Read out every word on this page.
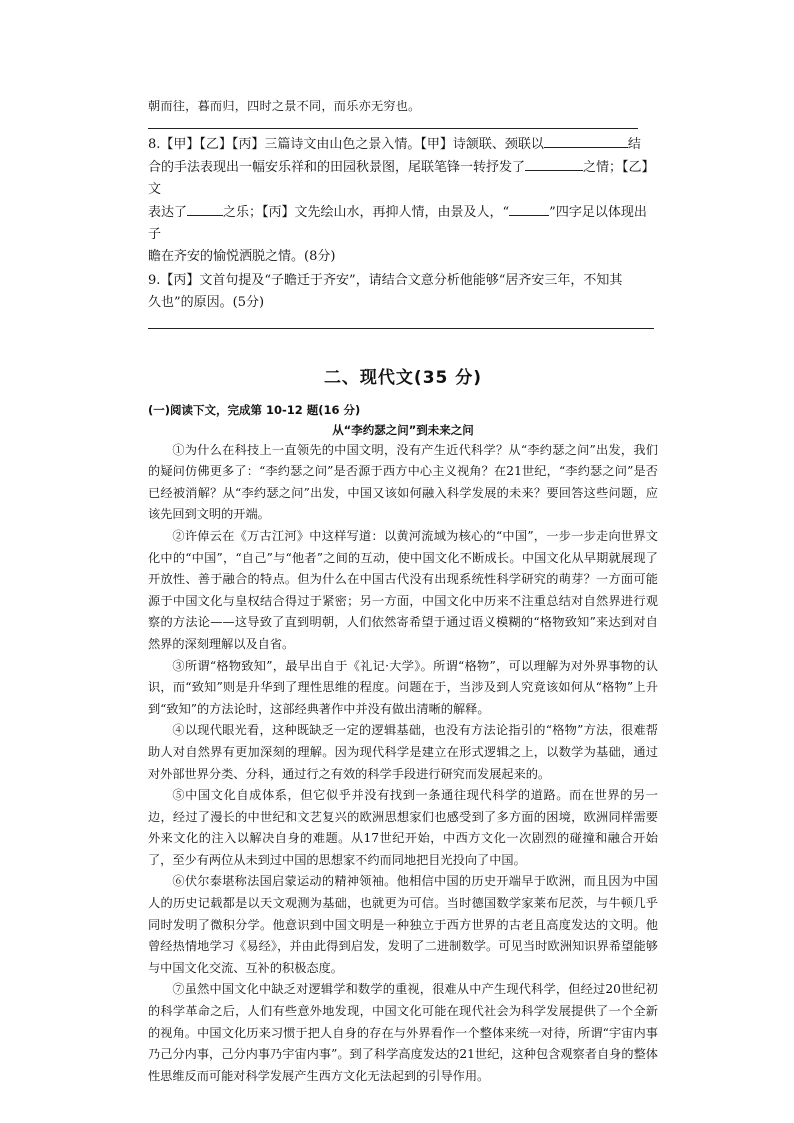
朝而往，暮而归，四时之景不同，而乐亦无穷也。

8.【甲】【乙】【丙】三篇诗文由山色之景入情。【甲】诗颔联、颈联以	结

合的手法表现出一幅安乐祥和的田园秋景图，尾联笔锋一转抒发了	之情；【乙】文

表达了	之乐；【丙】文先绘山水，再抑人情，由景及人，“	”四字足以体现出子

瞻在齐安的愉悦洒脱之情。(8分)

9.【丙】文首句提及“子瞻迁于齐安”，请结合文意分析他能够“居齐安三年，不知其

久也”的原因。(5分)

二、现代文(35 分)
(一)阅读下文，完成第 10-12 题(16 分)
从“李约瑟之问”到未来之问

①为什么在科技上一直领先的中国文明，没有产生近代科学？从“李约瑟之问”出发，我们的疑问仿佛更多了：“李约瑟之问”是否源于西方中心主义视角？在21世纪，“李约瑟之问”是否已经被消解？从“李约瑟之问”出发，中国又该如何融入科学发展的未来？要回答这些问题，应该先回到文明的开端。

②许倬云在《万古江河》中这样写道：以黄河流域为核心的“中国”，一步一步走向世界文化中的“中国”，“自己”与“他者”之间的互动，使中国文化不断成长。中国文化从早期就展现了开放性、善于融合的特点。但为什么在中国古代没有出现系统性科学研究的萌芽？一方面可能源于中国文化与皇权结合得过于紧密；另一方面，中国文化中历来不注重总结对自然界进行观察的方法论——这导致了直到明朝，人们依然寄希望于通过语义模糊的“格物致知”来达到对自然界的深刻理解以及自省。

③所谓“格物致知”，最早出自于《礼记·大学》。所谓“格物”，可以理解为对外界事物的认识，而“致知”则是升华到了理性思维的程度。问题在于，当涉及到人究竟该如何从“格物”上升到“致知”的方法论时，这部经典著作中并没有做出清晰的解释。

④以现代眼光看，这种既缺乏一定的逻辑基础，也没有方法论指引的“格物”方法，很难帮助人对自然界有更加深刻的理解。因为现代科学是建立在形式逻辑之上，以数学为基础，通过对外部世界分类、分科，通过行之有效的科学手段进行研究而发展起来的。

⑤中国文化自成体系，但它似乎并没有找到一条通往现代科学的道路。而在世界的另一边，经过了漫长的中世纪和文艺复兴的欧洲思想家们也感受到了多方面的困境，欧洲同样需要外来文化的注入以解决自身的难题。从17世纪开始，中西方文化一次剧烈的碰撞和融合开始了，至少有两位从未到过中国的思想家不约而同地把目光投向了中国。

⑥伏尔泰堪称法国启蒙运动的精神领袖。他相信中国的历史开端早于欧洲，而且因为中国人的历史记载都是以天文观测为基础，也就更为可信。当时德国数学家莱布尼茨，与牛顿几乎同时发明了微积分学。他意识到中国文明是一种独立于西方世界的古老且高度发达的文明。他曾经热情地学习《易经》，并由此得到启发，发明了二进制数学。可见当时欧洲知识界希望能够与中国文化交流、互补的积极态度。

⑦虽然中国文化中缺乏对逻辑学和数学的重视，很难从中产生现代科学，但经过20世纪初的科学革命之后，人们有些意外地发现，中国文化可能在现代社会为科学发展提供了一个全新的视角。中国文化历来习惯于把人自身的存在与外界看作一个整体来统一对待，所谓“宇宙内事乃己分内事，己分内事乃宇宙内事”。到了科学高度发达的21世纪，这种包含观察者自身的整体性思维反而可能对科学发展产生西方文化无法起到的引导作用。
